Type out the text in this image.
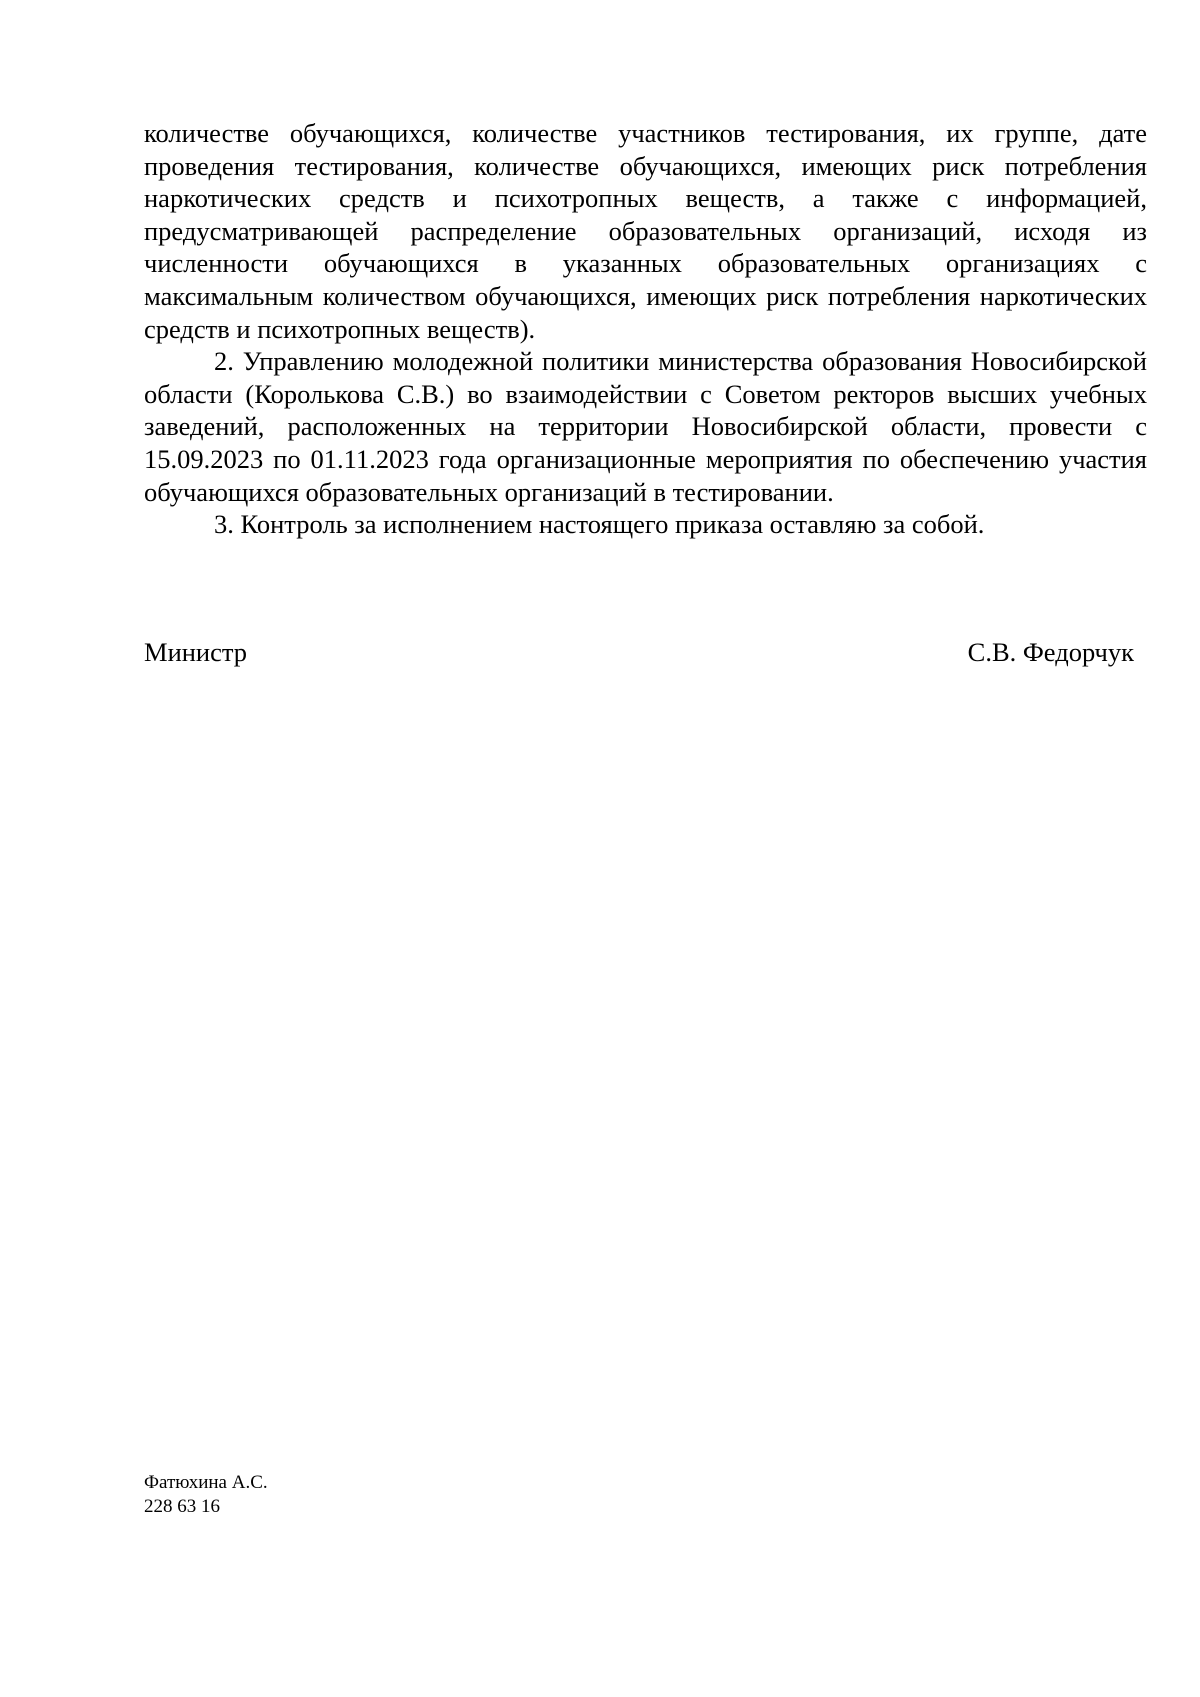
количестве обучающихся, количестве участников тестирования, их группе, дате проведения тестирования, количестве обучающихся, имеющих риск потребления наркотических средств и психотропных веществ, а также с информацией, предусматривающей распределение образовательных организаций, исходя из численности обучающихся в указанных образовательных организациях с максимальным количеством обучающихся, имеющих риск потребления наркотических средств и психотропных веществ).

2. Управлению молодежной политики министерства образования Новосибирской области (Королькова С.В.) во взаимодействии с Советом ректоров высших учебных заведений, расположенных на территории Новосибирской области, провести с 15.09.2023 по 01.11.2023 года организационные мероприятия по обеспечению участия обучающихся образовательных организаций в тестировании.

3. Контроль за исполнением настоящего приказа оставляю за собой.

Министр	С.В. Федорчук
Фатюхина А.С.
228 63 16
